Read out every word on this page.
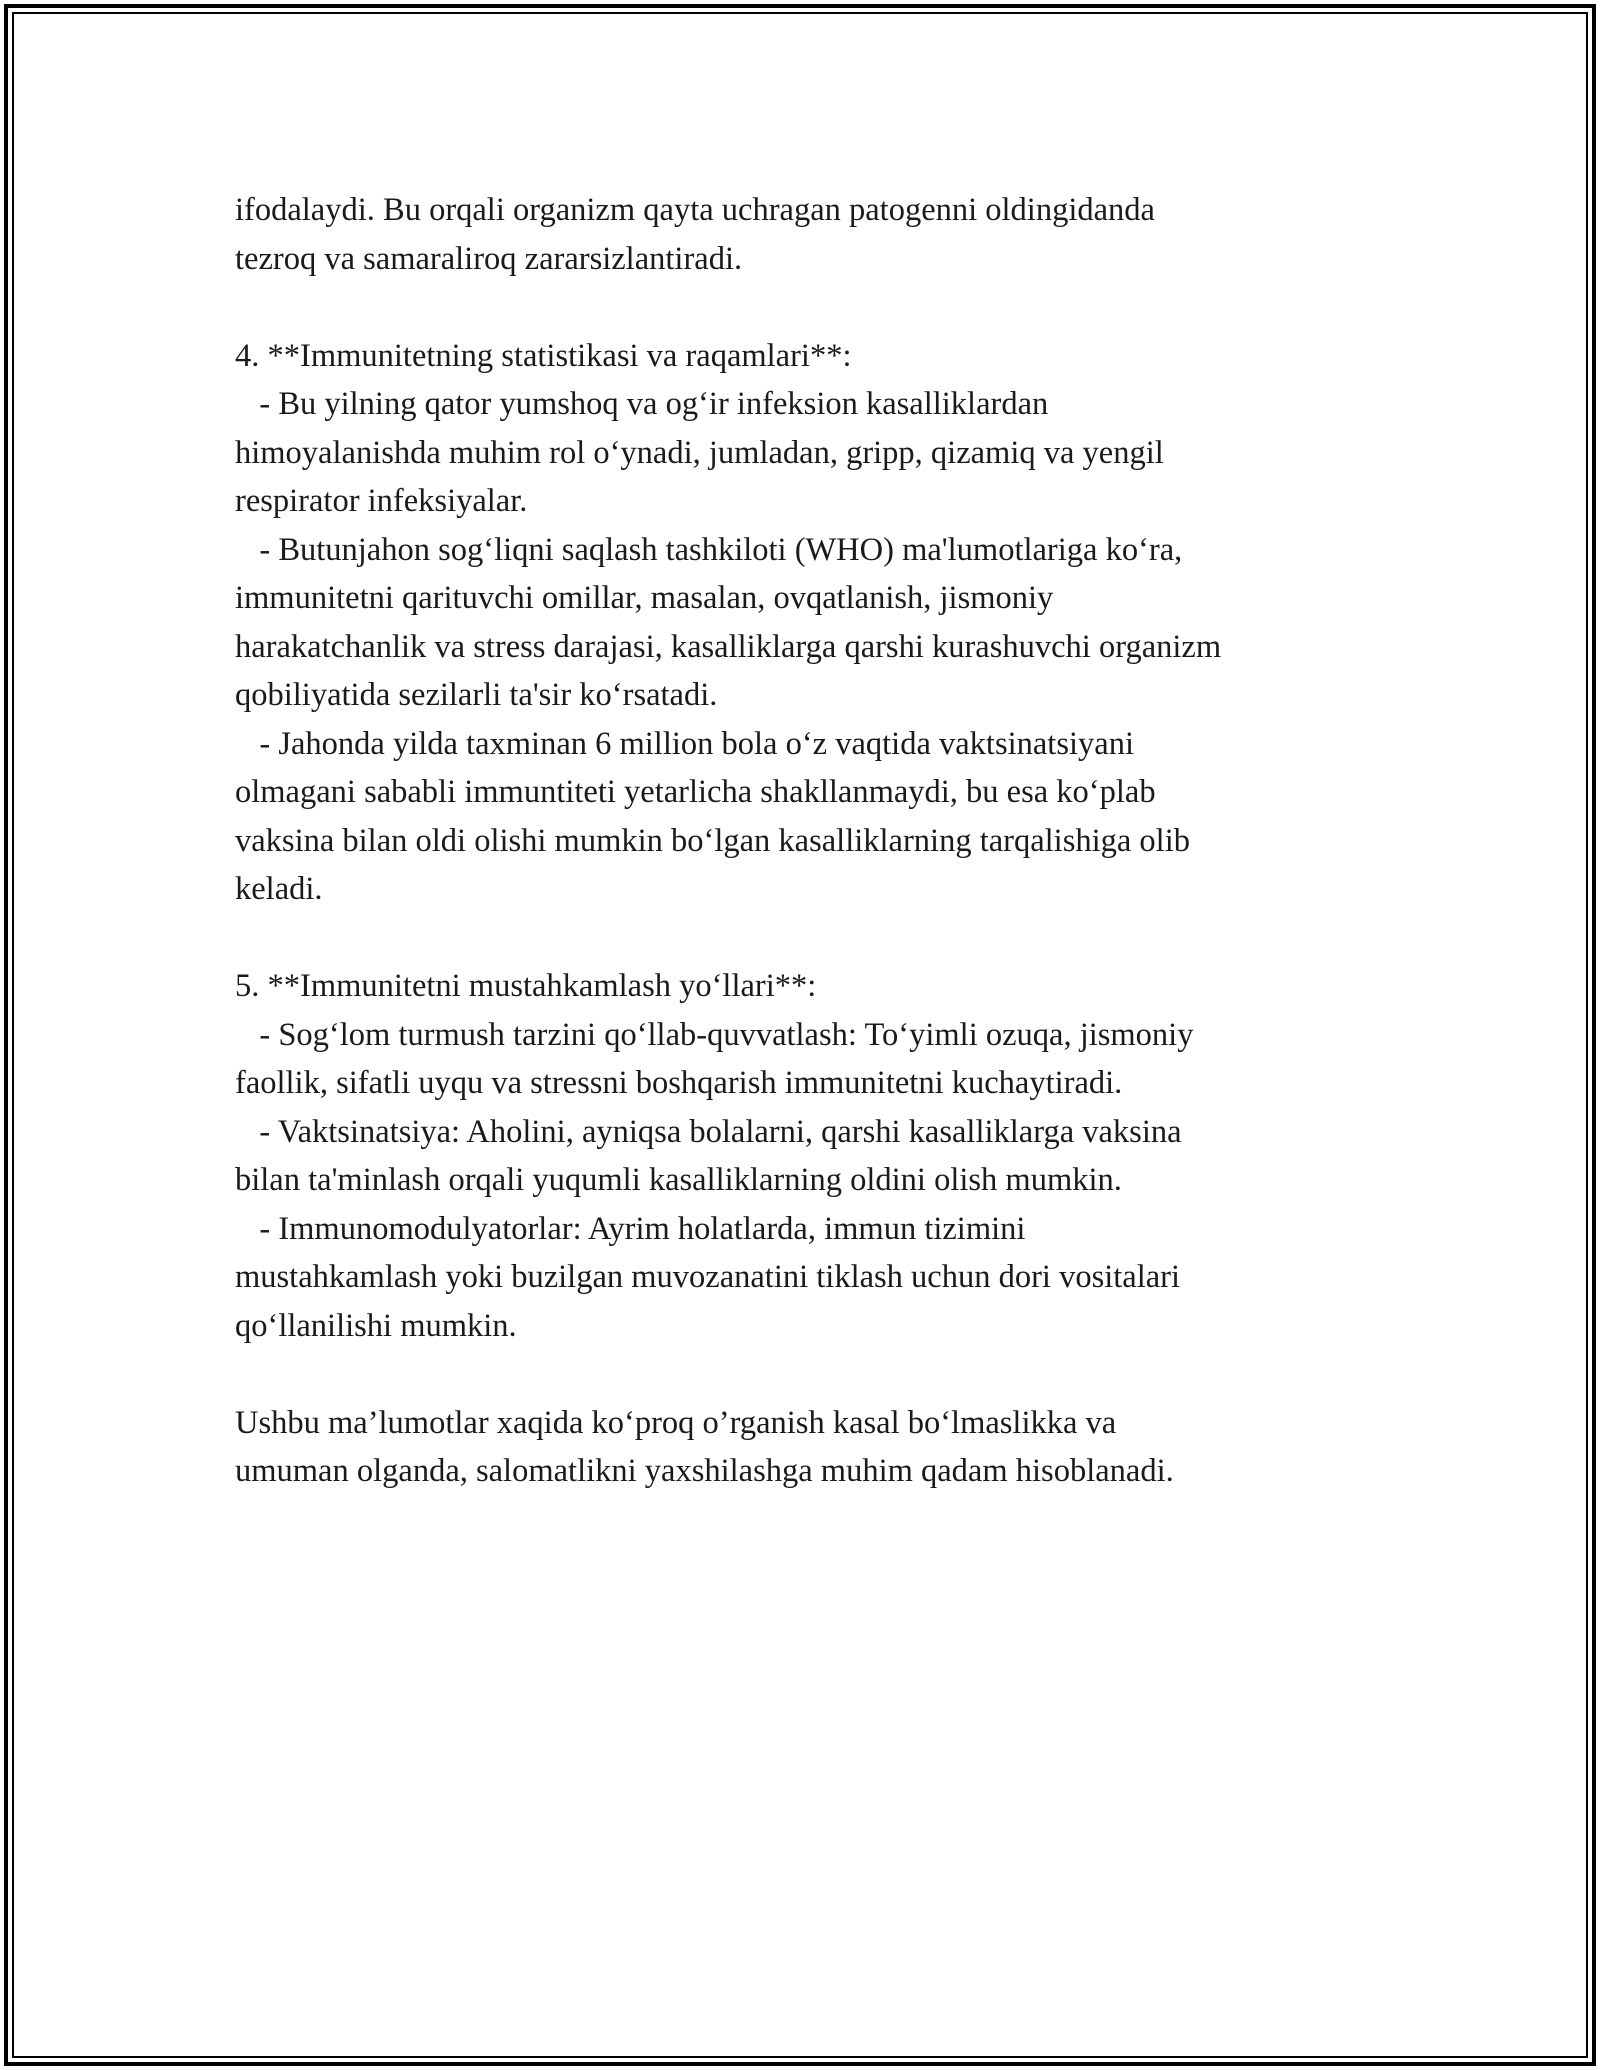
ifodalaydi. Bu orqali organizm qayta uchragan patogenni oldingidanda

tezroq va samaraliroq zararsizlantiradi.

4. **Immunitetning statistikasi va raqamlari**:

- Bu yilning qator yumshoq va og‘ir infeksion kasalliklardan

himoyalanishda muhim rol o‘ynadi, jumladan, gripp, qizamiq va yengil

respirator infeksiyalar.

- Butunjahon sog‘liqni saqlash tashkiloti (WHO) ma'lumotlariga ko‘ra,

immunitetni qarituvchi omillar, masalan, ovqatlanish, jismoniy

harakatchanlik va stress darajasi, kasalliklarga qarshi kurashuvchi organizm

qobiliyatida sezilarli ta'sir ko‘rsatadi.

- Jahonda yilda taxminan 6 million bola o‘z vaqtida vaktsinatsiyani

olmagani sababli immuntiteti yetarlicha shakllanmaydi, bu esa ko‘plab

vaksina bilan oldi olishi mumkin bo‘lgan kasalliklarning tarqalishiga olib

keladi.

5. **Immunitetni mustahkamlash yo‘llari**:

- Sog‘lom turmush tarzini qo‘llab-quvvatlash: To‘yimli ozuqa, jismoniy

faollik, sifatli uyqu va stressni boshqarish immunitetni kuchaytiradi.

- Vaktsinatsiya: Aholini, ayniqsa bolalarni, qarshi kasalliklarga vaksina

bilan ta'minlash orqali yuqumli kasalliklarning oldini olish mumkin.

- Immunomodulyatorlar: Ayrim holatlarda, immun tizimini

mustahkamlash yoki buzilgan muvozanatini tiklash uchun dori vositalari

qo‘llanilishi mumkin.

Ushbu ma’lumotlar xaqida ko‘proq o’rganish kasal bo‘lmaslikka va

umuman olganda, salomatlikni yaxshilashga muhim qadam hisoblanadi.
